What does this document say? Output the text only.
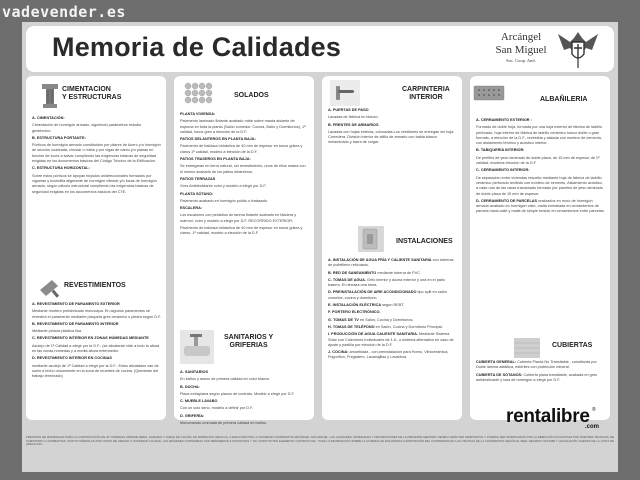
vadevender.es
Memoria de Calidades	Arcángel
San Miguel
Soc. Coop. And.
CIMENTACION
Y ESTRUCTURAS

A. CIMENTACIÓN:

Cimentación de hormigón armado, siguiendo parámetros estudio geotécnico.

B. ESTRUCTURA PORTANTE:

Pórticos de hormigón armado constituidos por pilares de Acero y/u hormigón de sección cuadrada, circular o mixta y por vigas de canto y/o planas en función de luces a salvar cumpliendo las exigencias básicas de seguridad exigidas en los documentos básicos del Código Técnico de la Edificación.

C. ESTRUCTURA HORIZONTAL:

Sobre estos pórticos se apoyan forjados unidireccionales formados por viguetas y bovedilla aligerante de hormigón vibrado y/o losas de hormigón armado, según cálculo estructural cumpliendo las exigencias básicas de seguridad exigidas en los documentos básicos del CTE.

REVESTIMIENTOS

A. REVESTIMIENTO DE PARAMENTO EXTERIOR

Mediante mortero prefabricado monocapa. En algunos paramentos se revestirá el paramento mediante plaqueta gres cerámico o piedra según D.F.

B. REVESTIMIENTO DE PARAMENTO INTERIOR

Mediante pintura plástica lisa.

C. REVESTIMIENTO INTERIOR EN ZONAS HÚMEDAS MEDIANTE

Azulejo de 1ª Calidad a elegir por la D.F., (se alicatarán vide a todo la altura en las zonas húmedas y a media altura entermedio.

D. REVESTIMIENTO INTERIOR EN COCINAS

mediante azulejo de 1ª Calidad a elegir por la D.F.. Estos alicatados van de suelo a techo únicamente en la zona de muebles de cocina. (Quedarán del trabajo terminado)

SOLADOS

PLANTA VIVIENDA:

Pavimento laminado flotante acabado roble sobre manta aislante de espuma en toda la planta (Salón comedor, Cocina, Baño y Dormitorios), 1ª calidad, tonos gres a elección de la D.F.

PATIOS DELANTEROS EN PLANTA BAJA:

Pavimento de baldosa hidráulica de 40 mm de espesor en tonos grises y claros 1ª calidad, modelo a elección de la D.F.

PATIOS TRASEROS EN PLANTA BAJA:

Se entregarán en tierra natural, sin revestimiento, unos de ellos estará con el mismo acabado de los patios delanteros.

PATIOS TERRAZAS

Gres Antideslizante color y modelo a elegir por D.F.

PLANTA SÓTANO:

Pavimento acabado en hormigón pulido o fratasado.

ESCALERA:

Los escalones con peldaños de tarima flotante acabado en Madera y mármol, color y modelo a elegir por D.F. RECORRIDO EXTERIOR:

Pavimento de baldosa hidráulica de 40 mm de espesor en tonos grises y claros, 1ª calidad, modelo a elección de la D.F.

SANITARIOS Y
GRIFERIAS

A. SANITARIOS

En baños y aseos de primera calidad en color blanco.

B. DUCHA:

Placa extraplana según planos de contrato. Modelo a elegir por D.F.

C. MUEBLE LAVABO

Con un solo seno, modelo a definir por D.F.

D. GRIFERÍA:

Monomando cromada de primera calidad en baños.

CARPINTERIA
INTERIOR

A. PUERTAS DE PASO

Lacadas de fábrica en blanco.

B. FRENTES DE ARMARIOS

Lacadas con hojas enteras, colocadas.Los vestidores se entregan sin hoja. Corredera. División interior de altillo de armario con balda blanco melaminado y barra de colgar.

INSTALACIONES

A. INSTALACIÓN DE AGUA FRÍA Y CALIENTE SANITARIA con tuberías de polietileno reticulado.

B. RED DE SANEAMIENTO mediante tubería de PVC.

C. TOMAS DE AGUA. Grifo interior y ducha exterior y una en el patio trasero. En terraza una toma.

D. PREINSTALACIÓN DE AIRE ACONDICIONADO tipo split en salón comedor, cocina y dormitorio.

E. INSTALACIÓN ELÉCTRICA según REBT.

F. PORTERO ELECTRÓNICO.

G. TOMAS DE TV en Salón, Cocina y Dormitorios.

H. TOMAS DE TELÉFONO en Salón, Cocina y Dormitorio Principal.

I. PRODUCCIÓN DE AGUA CALIENTE SANITARIA. Mediante Sistema Solar con Colectores Individuales de 1.6., o sistema alternativo en caso de ajuste y pastilla por elección de la D.F.

J. COCINA: amueblada , con preinstalación para Horno, Vitrocerámica, Frigorífico, Fregadero, Lavavajillas y Lavadora.

ALBAÑILERIA

A. CERRAMIENTO EXTERIOR :

Formado de doble hoja, formada por una hoja exterior de fábrica de ladrillo perforado, hoja interior de fábrica de ladrillo cerámico hueco doble o gran formato, a elección de la D.F., revestida y aislada con mortero de cemento, con aislamiento térmico y acústico interior.

B. TABIQUERÍA INTERIOR:

De perfiles de yeso laminado de doble placa, de 10 mm de espesor de 1ª calidad, modelos elección de la D.F.

C. CERRAMIENTO INTERIOR:

De separación entre viviendas resuelto mediante hoja de fábrica de ladrillo cerámico perforado recibido con mortero de cemento, Aislamiento acústico, a cada una de las caras trasdosado formado por paneles de yeso laminado de doble placa de 15 mm de espesor.

D. CERRAMIENTO DE PARCELAS realizados en muro de hormigón armado acabado en hormigón visto, malla enmallada en cerramientos de parcela hacia calle y malla de simple torsión en cerramientos entre parcelas.

CUBIERTAS

CUBIERTA GENERAL: Cubierta Planta No Transitable , constituida por Doble lámina asfáltica, estériles con protección mineral.

CUBIERTA DE SÓTANOS: Cubierta plana transitable, acabada en gres antideslizante y losa de hormigón a elegir por D.F.

rentalibre ®
.com
PREVISIÓN DE MATERIALES PARA LA CONSTRUCCIÓN DE 20 VIVIENDAS UNIFAMILIARES, GARAJES Y JUEGO DE COCINA, EN BORMUJOS (SEVILLA), A EJECUTAR POR LA SOCIEDAD COOPERATIVA ARCÁNGEL SAN MIGUEL. LAS CALIDADES, MATERIALES Y DESCRIPCIONES DE LA PRESENTE MEMORIA TIENEN CARÁCTER ORIENTATIVO Y PODRÁN SER MODIFICADAS POR LA DIRECCIÓN FACULTATIVA POR RAZONES TÉCNICAS, DE SUMINISTRO O NORMATIVAS, SUSTITUYÉNDOLAS POR OTRAS DE SIMILAR O SUPERIOR CALIDAD. LAS IMÁGENES CONTENIDAS SON MERAMENTE ILUSTRATIVAS Y NO CONSTITUYEN ELEMENTO CONTRACTUAL. TODA LA INFORMACIÓN SOBRE LA VIVIENDA SE ENCUENTRA A DISPOSICIÓN DEL COMPRADOR EN LAS OFICINAS DE LA COOPERATIVA SEGÚN EL REAL DECRETO 515/1989 Y LEGISLACIÓN VIGENTE DE LA JUNTA DE ANDALUCÍA.
